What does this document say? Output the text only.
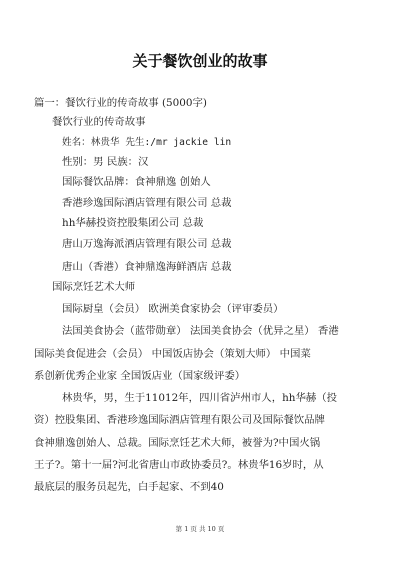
关于餐饮创业的故事
篇一：餐饮行业的传奇故事 (5000字)
餐饮行业的传奇故事
姓名：林贵华 先生:/mr jackie lin
性别：男 民族：汉
国际餐饮品牌：食神鼎逸 创始人
香港珍逸国际酒店管理有限公司 总裁
hh华赫投资控股集团公司 总裁
唐山万逸海派酒店管理有限公司 总裁
唐山（香港）食神鼎逸海鲜酒店 总裁
国际烹饪艺术大师
国际厨皇（会员） 欧洲美食家协会（评审委员）
法国美食协会（蓝带勋章） 法国美食协会（优异之星） 香港
国际美食促进会（会员） 中国饭店协会（策划大师） 中国菜
系创新优秀企业家 全国饭店业（国家级评委）
林贵华，男，生于11012年，四川省泸州市人，hh华赫（投
资）控股集团、香港珍逸国际酒店管理有限公司及国际餐饮品牌
食神鼎逸创始人、总裁。国际烹饪艺术大师，被誉为?中国火锅
王子?。第十一届?河北省唐山市政协委员?。林贵华16岁时，从
最底层的服务员起先，白手起家、不到40
第 1 页 共 10 页
